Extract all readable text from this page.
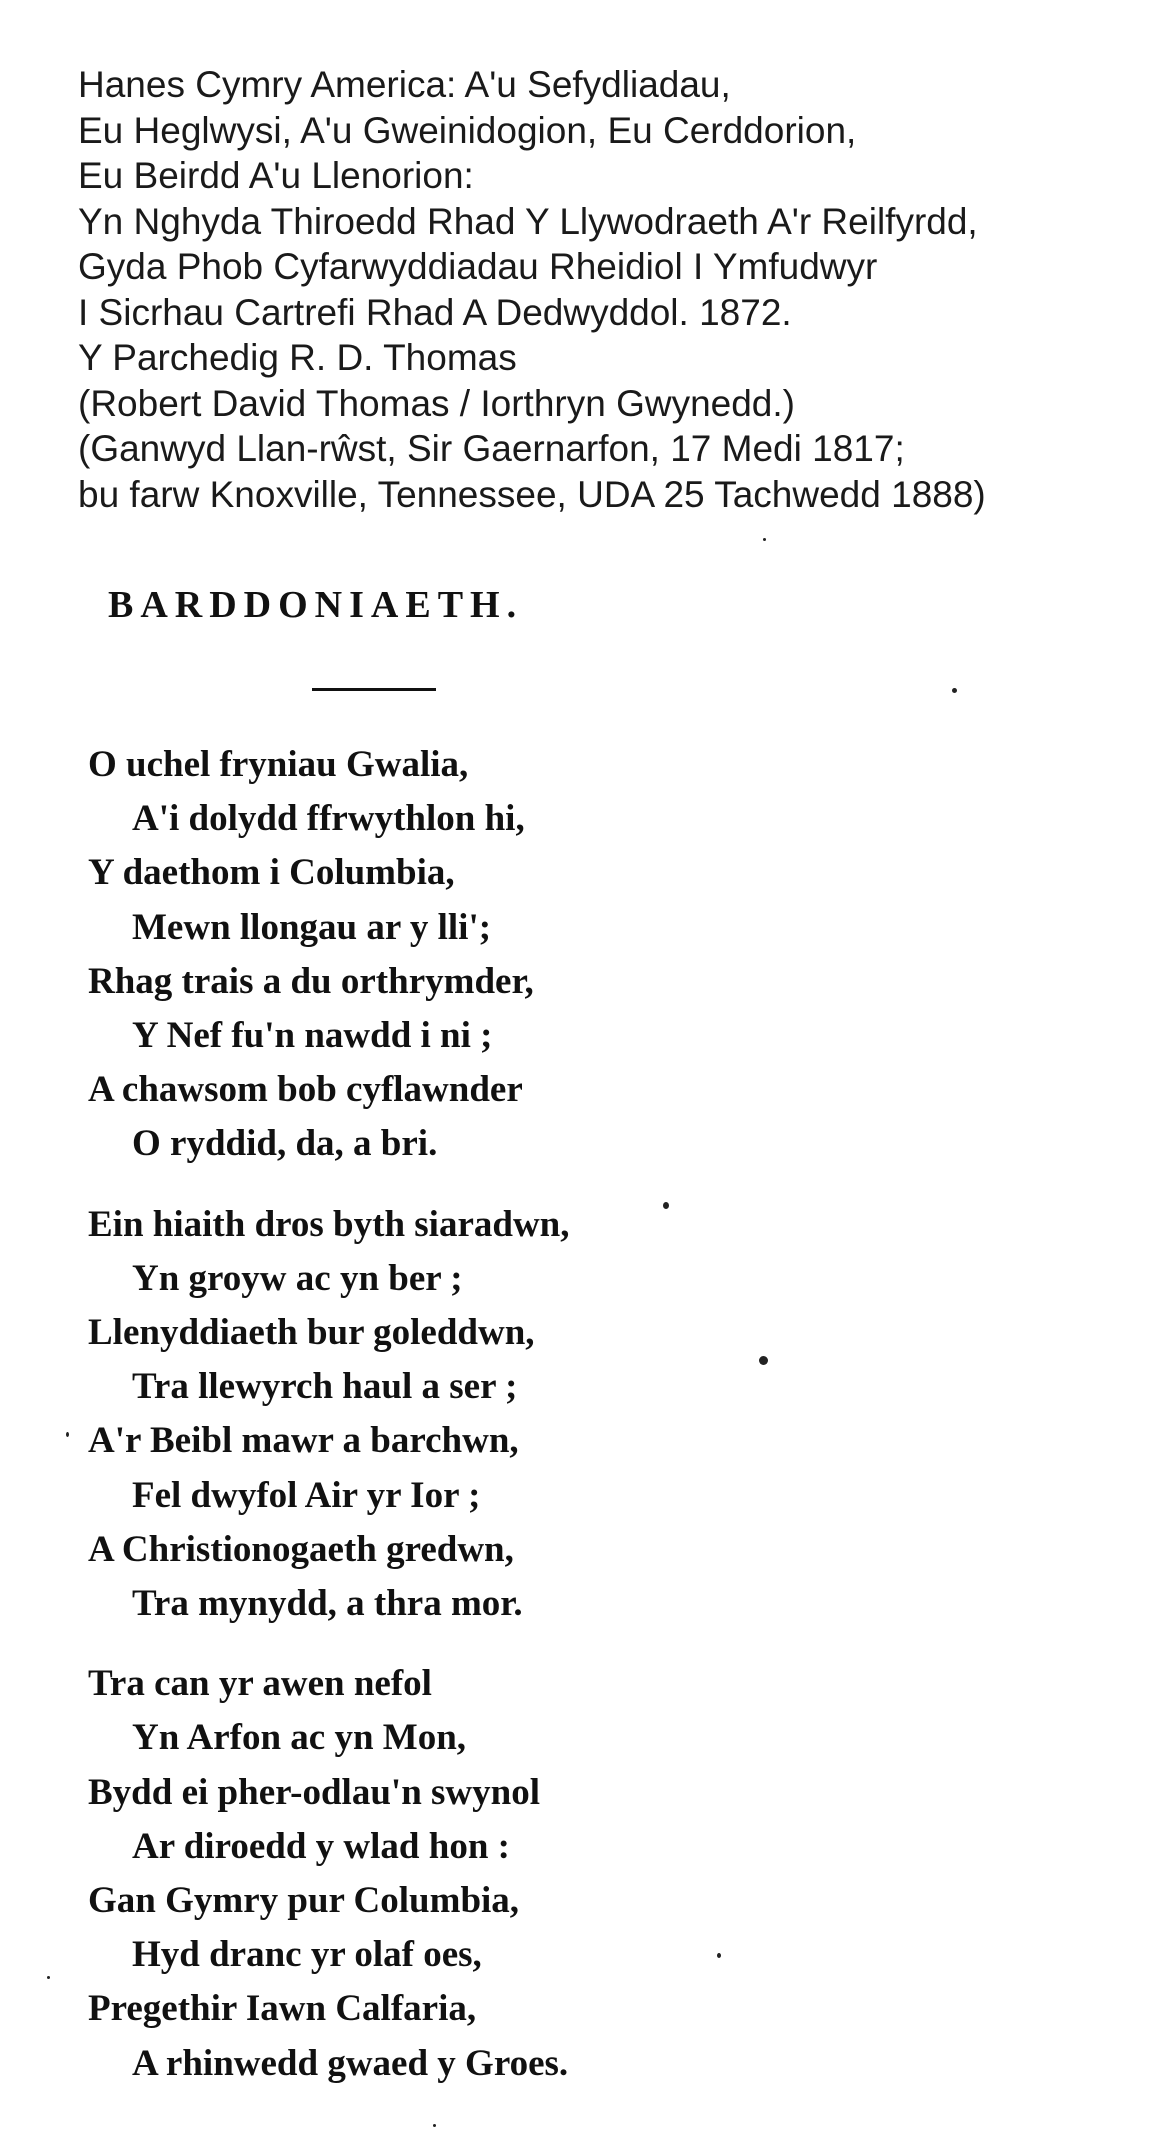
Hanes Cymry America: A'u Sefydliadau,
Eu Heglwysi, A'u Gweinidogion, Eu Cerddorion,
Eu Beirdd A'u Llenorion:
Yn Nghyda Thiroedd Rhad Y Llywodraeth A'r Reilfyrdd,
Gyda Phob Cyfarwyddiadau Rheidiol I Ymfudwyr
I Sicrhau Cartrefi Rhad A Dedwyddol. 1872.
Y Parchedig R. D. Thomas
(Robert David Thomas / Iorthryn Gwynedd.)
(Ganwyd Llan-rŵst, Sir Gaernarfon, 17 Medi 1817;
bu farw Knoxville, Tennessee, UDA 25 Tachwedd 1888)
BARDDONIAETH.
O uchel fryniau Gwalia,
A'i dolydd ffrwythlon hi,
Y daethom i Columbia,
Mewn llongau ar y lli';
Rhag trais a du orthrymder,
Y Nef fu'n nawdd i ni ;
A chawsom bob cyflawnder
O ryddid, da, a bri.
Ein hiaith dros byth siaradwn,
Yn groyw ac yn ber ;
Llenyddiaeth bur goleddwn,
Tra llewyrch haul a ser ;
A'r Beibl mawr a barchwn,
Fel dwyfol Air yr Ior ;
A Christionogaeth gredwn,
Tra mynydd, a thra mor.
Tra can yr awen nefol
Yn Arfon ac yn Mon,
Bydd ei pher-odlau'n swynol
Ar diroedd y wlad hon :
Gan Gymry pur Columbia,
Hyd dranc yr olaf oes,
Pregethir Iawn Calfaria,
A rhinwedd gwaed y Groes.
